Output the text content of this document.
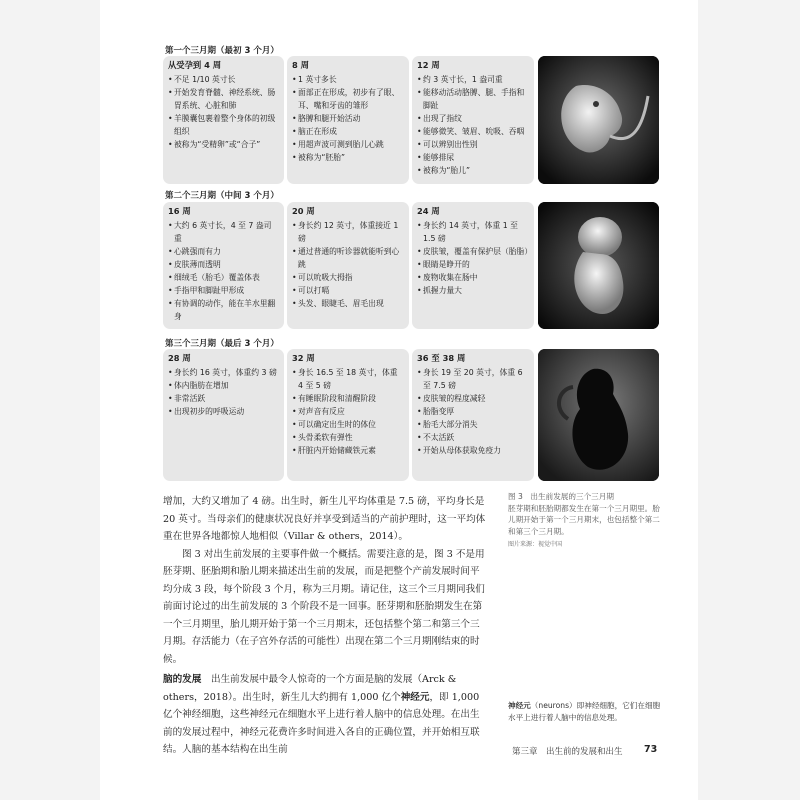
第一个三月期（最初 3 个月）
第二个三月期（中间 3 个月）
第三个三月期（最后 3 个月）
从受孕到 4 周
• 不足 1/10 英寸长
• 开始发育脊髓、神经系统、肠胃系统、心脏和肺
• 羊膜囊包裹着整个身体的初级组织
• 被称为“受精卵”或“合子”
8 周
• 1 英寸多长
• 面部正在形成，初步有了眼、耳、嘴和牙齿的雏形
• 胳膊和腿开始活动
• 脑正在形成
• 用超声波可测到胎儿心跳
• 被称为“胚胎”
12 周
• 约 3 英寸长，1 盎司重
• 能移动活动胳膊、腿、手指和脚趾
• 出现了指纹
• 能够微笑、皱眉、吮吸、吞咽
• 可以辨别出性别
• 能够排尿
• 被称为“胎儿”
16 周
• 大约 6 英寸长，4 至 7 盎司重
• 心跳强而有力
• 皮肤薄而透明
• 细绒毛（胎毛）覆盖体表
• 手指甲和脚趾甲形成
• 有协调的动作，能在羊水里翻身
20 周
• 身长约 12 英寸，体重接近 1 磅
• 通过普通的听诊器就能听到心跳
• 可以吮吸大拇指
• 可以打嗝
• 头发、眼睫毛、眉毛出现
24 周
• 身长约 14 英寸，体重 1 至 1.5 磅
• 皮肤皱，覆盖有保护层（胎脂）
• 眼睛是睁开的
• 废物收集在肠中
• 抓握力量大
28 周
• 身长约 16 英寸，体重约 3 磅
• 体内脂肪在增加
• 非常活跃
• 出现初步的呼吸运动
32 周
• 身长 16.5 至 18 英寸，体重 4 至 5 磅
• 有睡眠阶段和清醒阶段
• 对声音有反应
• 可以确定出生时的体位
• 头骨柔软有弹性
• 肝脏内开始储藏铁元素
36 至 38 周
• 身长 19 至 20 英寸，体重 6 至 7.5 磅
• 皮肤皱的程度减轻
• 胎脂变厚
• 胎毛大部分消失
• 不太活跃
• 开始从母体获取免疫力
图 3　出生前发展的三个三月期
胚芽期和胚胎期都发生在第一个三月期里。胎儿期开始于第一个三月期末，也包括整个第二和第三个三月期。
图片来源：视觉中国

增加，大约又增加了 4 磅。出生时，新生儿平均体重是 7.5 磅，平均身长是 20 英寸。当母亲们的健康状况良好并享受到适当的产前护理时，这一平均体重在世界各地都惊人地相似（Villar & others，2014）。

图 3 对出生前发展的主要事件做一个概括。需要注意的是，图 3 不是用胚芽期、胚胎期和胎儿期来描述出生前的发展，而是把整个产前发展时间平均分成 3 段，每个阶段 3 个月，称为三月期。请记住，这三个三月期同我们前面讨论过的出生前发展的 3 个阶段不是一回事。胚芽期和胚胎期发生在第一个三月期里，胎儿期开始于第一个三月期末，还包括整个第二和第三个三月期。存活能力（在子宫外存活的可能性）出现在第二个三月期刚结束的时候。

脑的发展　出生前发展中最令人惊奇的一个方面是脑的发展（Arck & others，2018）。出生时，新生儿大约拥有 1,000 亿个神经元，即 1,000 亿个神经细胞，这些神经元在细胞水平上进行着人脑中的信息处理。在出生前的发展过程中，神经元花费许多时间进入各自的正确位置，并开始相互联结。人脑的基本结构在出生前

神经元（neurons）即神经细胞，它们在细胞水平上进行着人脑中的信息处理。
第三章　出生前的发展和出生 73
